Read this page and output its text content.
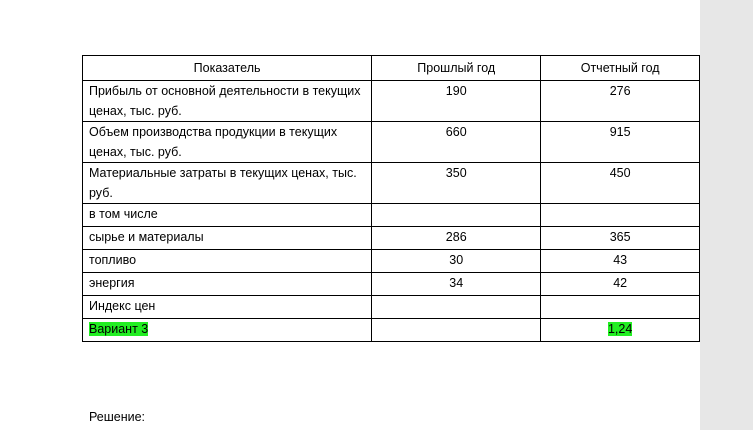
Показатель	Прошлый год	Отчетный год
Прибыль от основной деятельности в текущих ценах, тыс. руб.	190	276
Объем производства продукции в текущих ценах, тыс. руб.	660	915
Материальные затраты в текущих ценах, тыс. руб.	350	450
в том числе		
сырье и материалы	286	365
топливо	30	43
энергия	34	42
Индекс цен		
Вариант 3		1,24
Решение:
